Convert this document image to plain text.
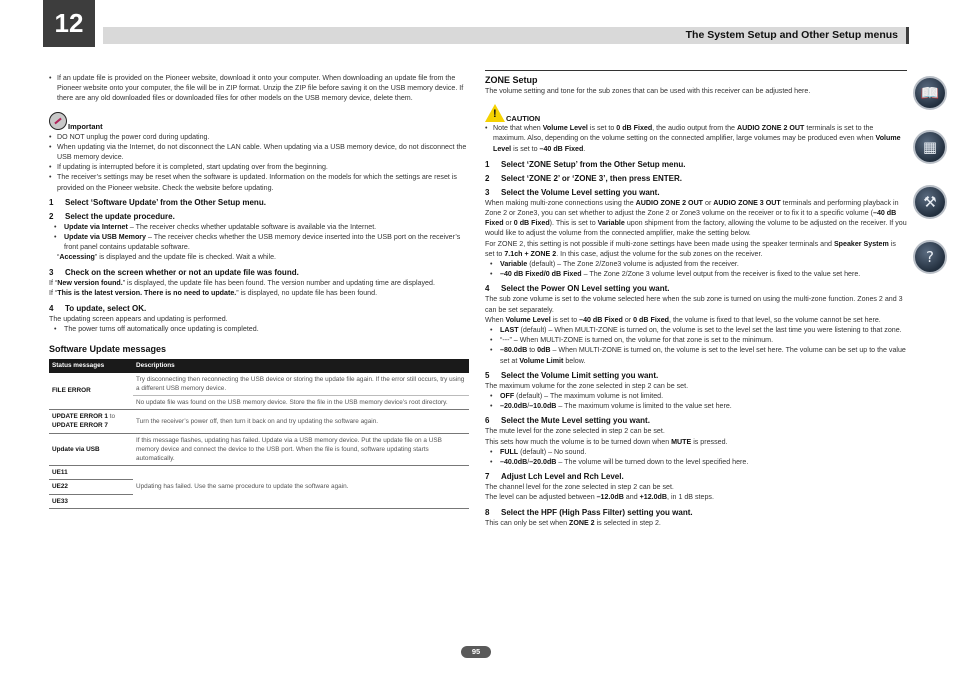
12	The System Setup and Other Setup menus
📖
▦
⚒
?
• If an update file is provided on the Pioneer website, download it onto your computer. When downloading an update file from the Pioneer website onto your computer, the file will be in ZIP format. Unzip the ZIP file before saving it on the USB memory device. If there are any old downloaded files or downloaded files for other models on the USB memory device, delete them.
Important
• DO NOT unplug the power cord during updating.
• When updating via the Internet, do not disconnect the LAN cable. When updating via a USB memory device, do not disconnect the USB memory device.
• If updating is interrupted before it is completed, start updating over from the beginning.
• The receiver’s settings may be reset when the software is updated. Information on the models for which the settings are reset is provided on the Pioneer website. Check the website before updating.
1 Select ‘Software Update’ from the Other Setup menu.
2 Select the update procedure.
• Update via Internet – The receiver checks whether updatable software is available via the Internet.
• Update via USB Memory – The receiver checks whether the USB memory device inserted into the USB port on the receiver’s front panel contains updatable software.
“Accessing” is displayed and the update file is checked. Wait a while.
3 Check on the screen whether or not an update file was found.
If “New version found.” is displayed, the update file has been found. The version number and updating time are displayed.
If “This is the latest version. There is no need to update.” is displayed, no update file has been found.
4 To update, select OK.
The updating screen appears and updating is performed.
• The power turns off automatically once updating is completed.
Software Update messages
Status messages	Descriptions
FILE ERROR	Try disconnecting then reconnecting the USB device or storing the update file again. If the error still occurs, try using a different USB memory device.
	No update file was found on the USB memory device. Store the file in the USB memory device’s root directory.
UPDATE ERROR 1 to
UPDATE ERROR 7	Turn the receiver’s power off, then turn it back on and try updating the software again.
Update via USB	If this message flashes, updating has failed. Update via a USB memory device. Put the update file on a USB memory device and connect the device to the USB port. When the file is found, software updating starts automatically.
UE11	Updating has failed. Use the same procedure to update the software again.
UE22	
UE33	
ZONE Setup
The volume setting and tone for the sub zones that can be used with this receiver can be adjusted here.
! CAUTION
• Note that when Volume Level is set to 0 dB Fixed, the audio output from the AUDIO ZONE 2 OUT terminals is set to the maximum. Also, depending on the volume setting on the connected amplifier, large volumes may be produced even when Volume Level is set to –40 dB Fixed.
1 Select ‘ZONE Setup’ from the Other Setup menu.
2 Select ‘ZONE 2’ or ‘ZONE 3’, then press ENTER.
3 Select the Volume Level setting you want.
When making multi-zone connections using the AUDIO ZONE 2 OUT or AUDIO ZONE 3 OUT terminals and performing playback in Zone 2 or Zone3, you can set whether to adjust the Zone 2 or Zone3 volume on the receiver or to fix it to a specific volume (–40 dB Fixed or 0 dB Fixed). This is set to Variable upon shipment from the factory, allowing the volume to be adjusted on the receiver. If you would like to adjust the volume from the connected amplifier, make the setting below.
For ZONE 2, this setting is not possible if multi-zone settings have been made using the speaker terminals and Speaker System is set to 7.1ch + ZONE 2. In this case, adjust the volume for the sub zones on the receiver.
• Variable (default) – The Zone 2/Zone3 volume is adjusted from the receiver.
• –40 dB Fixed/0 dB Fixed – The Zone 2/Zone 3 volume level output from the receiver is fixed to the value set here.
4 Select the Power ON Level setting you want.
The sub zone volume is set to the volume selected here when the sub zone is turned on using the multi-zone function. Zones 2 and 3 can be set separately.
When Volume Level is set to –40 dB Fixed or 0 dB Fixed, the volume is fixed to that level, so the volume cannot be set here.
• LAST (default) – When MULTI-ZONE is turned on, the volume is set to the level set the last time you were listening to that zone.
• “---” – When MULTI-ZONE is turned on, the volume for that zone is set to the minimum.
• –80.0dB to 0dB – When MULTI-ZONE is turned on, the volume is set to the level set here. The volume can be set up to the value set at Volume Limit below.
5 Select the Volume Limit setting you want.
The maximum volume for the zone selected in step 2 can be set.
• OFF (default) – The maximum volume is not limited.
• –20.0dB/–10.0dB – The maximum volume is limited to the value set here.
6 Select the Mute Level setting you want.
The mute level for the zone selected in step 2 can be set.
This sets how much the volume is to be turned down when MUTE is pressed.
• FULL (default) – No sound.
• –40.0dB/–20.0dB – The volume will be turned down to the level specified here.
7 Adjust Lch Level and Rch Level.
The channel level for the zone selected in step 2 can be set.
The level can be adjusted between –12.0dB and +12.0dB, in 1 dB steps.
8 Select the HPF (High Pass Filter) setting you want.
This can only be set when ZONE 2 is selected in step 2.
95
